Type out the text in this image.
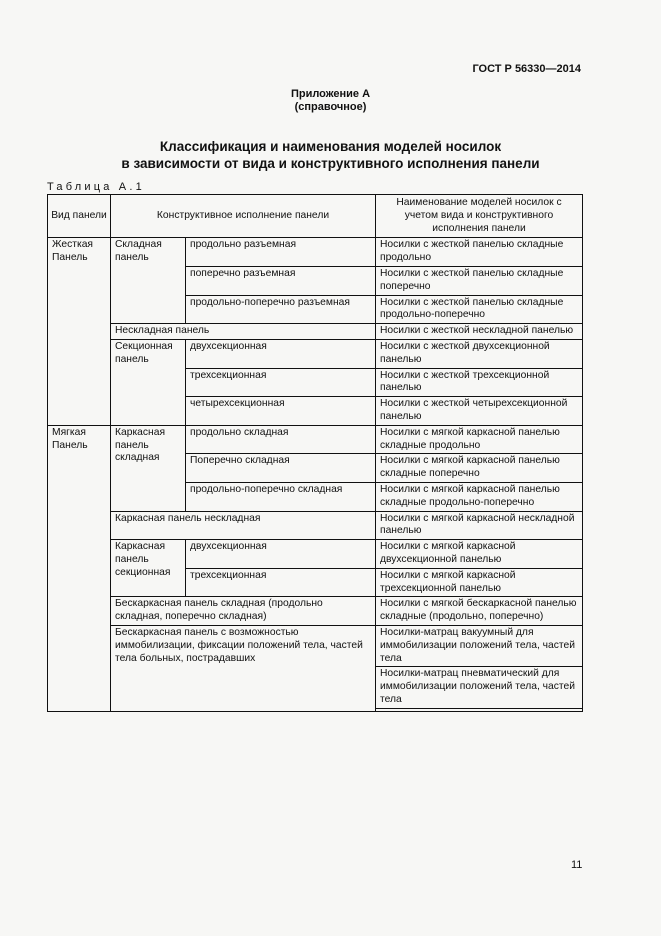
ГОСТ Р 56330—2014
Приложение А
(справочное)
Классификация и наименования моделей носилок
в зависимости от вида и конструктивного исполнения панели
Таблица А.1
Вид панели	Конструктивное исполнение панели		Наименование моделей носилок с учетом вида и конструктивного исполнения панели
Жесткая Панель	Складная панель	продольно разъемная	Носилки с жесткой панелью складные продольно
		поперечно разъемная	Носилки с жесткой панелью складные поперечно
		продольно-поперечно разъемная	Носилки с жесткой панелью складные продольно-поперечно
	Нескладная панель		Носилки с жесткой нескладной панелью
	Секционная панель	двухсекционная	Носилки с жесткой двухсекционной панелью
		трехсекционная	Носилки с жесткой трехсекционной панелью
		четырехсекционная	Носилки с жесткой четырехсекционной панелью
Мягкая Панель	Каркасная панель складная	продольно складная	Носилки с мягкой каркасной панелью складные продольно
		Поперечно складная	Носилки с мягкой каркасной панелью складные поперечно
		продольно-поперечно складная	Носилки с мягкой каркасной панелью складные продольно-поперечно
	Каркасная панель нескладная		Носилки с мягкой каркасной нескладной панелью
	Каркасная панель секционная	двухсекционная	Носилки с мягкой каркасной двухсекционной панелью
		трехсекционная	Носилки с мягкой каркасной трехсекционной панелью
	Бескаркасная панель складная (продольно складная, поперечно складная)		Носилки с мягкой бескаркасной панелью складные (продольно, поперечно)
	Бескаркасная панель с возможностью иммобилизации, фиксации положений тела, частей тела больных, пострадавших		Носилки-матрац вакуумный для иммобилизации положений тела, частей тела
			Носилки-матрац пневматический для иммобилизации положений тела, частей тела

11
